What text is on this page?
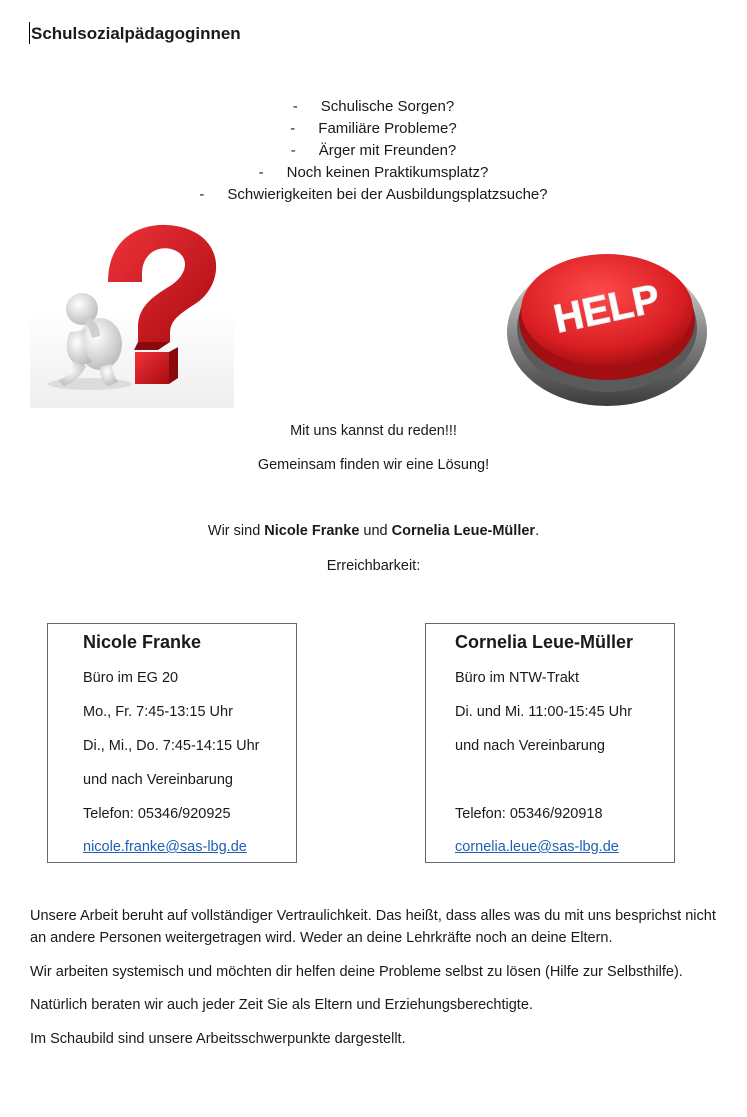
Schulsozialpädagoginnen
- Schulische Sorgen?
- Familiäre Probleme?
- Ärger mit Freunden?
- Noch keinen Praktikumsplatz?
- Schwierigkeiten bei der Ausbildungsplatzsuche?
HELP

Mit uns kannst du reden!!!

Gemeinsam finden wir eine Lösung!

Wir sind Nicole Franke und Cornelia Leue-Müller.

Erreichbarkeit:

Nicole Franke

Büro im EG 20

Mo., Fr. 7:45-13:15 Uhr

Di., Mi., Do. 7:45-14:15 Uhr

und nach Vereinbarung

Telefon: 05346/920925

nicole.franke@sas-lbg.de

Cornelia Leue-Müller

Büro im NTW-Trakt

Di. und Mi. 11:00-15:45 Uhr

und nach Vereinbarung

Telefon: 05346/920918

cornelia.leue@sas-lbg.de

Unsere Arbeit beruht auf vollständiger Vertraulichkeit. Das heißt, dass alles was du mit uns besprichst nicht an andere Personen weitergetragen wird. Weder an deine Lehrkräfte noch an deine Eltern.

Wir arbeiten systemisch und möchten dir helfen deine Probleme selbst zu lösen (Hilfe zur Selbsthilfe).

Natürlich beraten wir auch jeder Zeit Sie als Eltern und Erziehungsberechtigte.

Im Schaubild sind unsere Arbeitsschwerpunkte dargestellt.
